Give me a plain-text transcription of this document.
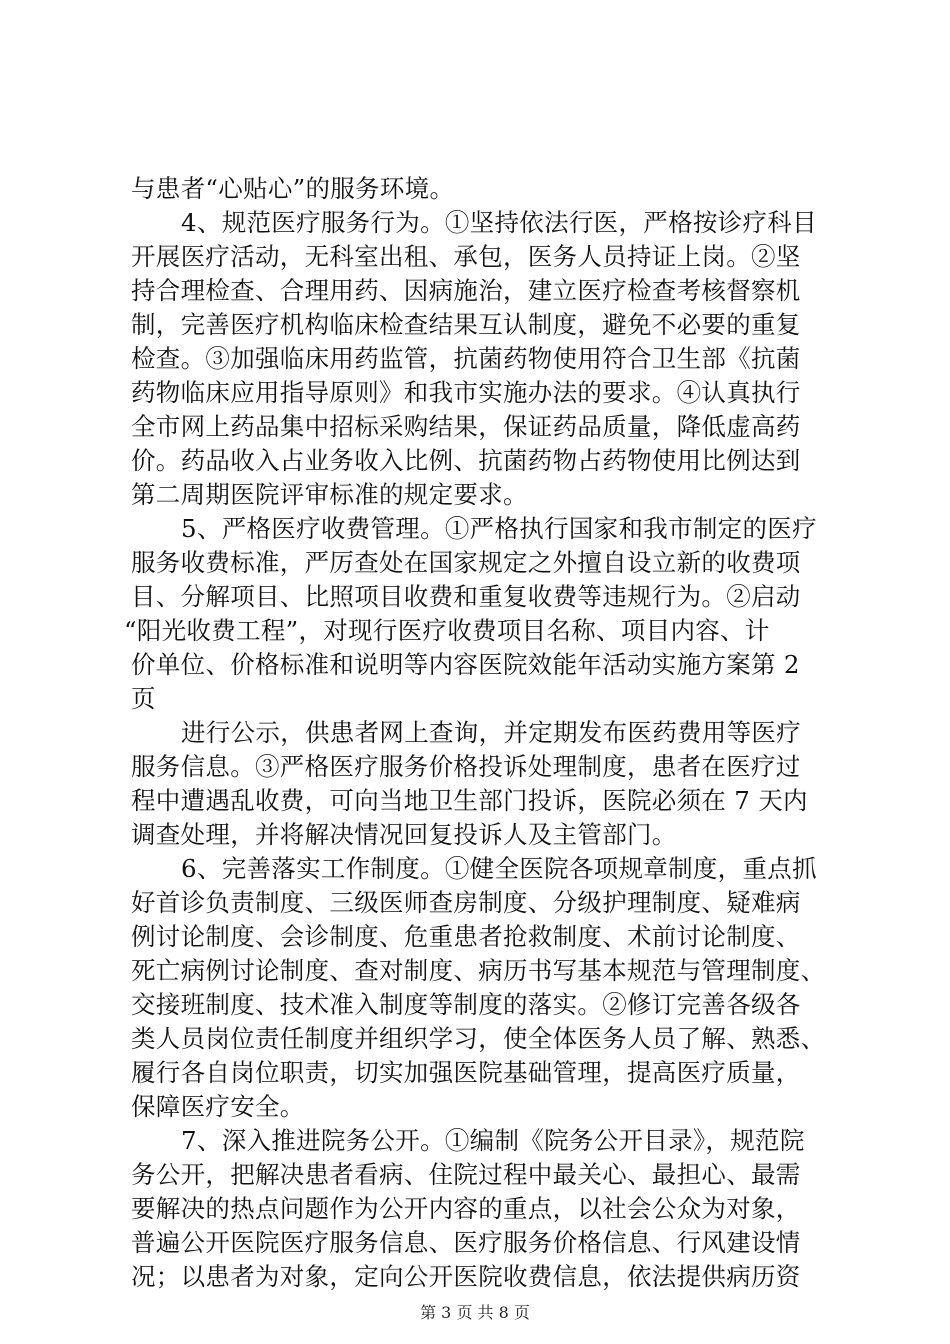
与患者“心贴心”的服务环境。
4、规范医疗服务行为。①坚持依法行医，严格按诊疗科目
开展医疗活动，无科室出租、承包，医务人员持证上岗。②坚
持合理检查、合理用药、因病施治，建立医疗检查考核督察机
制，完善医疗机构临床检查结果互认制度，避免不必要的重复
检查。③加强临床用药监管，抗菌药物使用符合卫生部《抗菌
药物临床应用指导原则》和我市实施办法的要求。④认真执行
全市网上药品集中招标采购结果，保证药品质量，降低虚高药
价。药品收入占业务收入比例、抗菌药物占药物使用比例达到
第二周期医院评审标准的规定要求。
5、严格医疗收费管理。①严格执行国家和我市制定的医疗
服务收费标准，严厉查处在国家规定之外擅自设立新的收费项
目、分解项目、比照项目收费和重复收费等违规行为。②启动
“阳光收费工程”，对现行医疗收费项目名称、项目内容、计
价单位、价格标准和说明等内容医院效能年活动实施方案第 2
页
进行公示，供患者网上查询，并定期发布医药费用等医疗
服务信息。③严格医疗服务价格投诉处理制度，患者在医疗过
程中遭遇乱收费，可向当地卫生部门投诉，医院必须在 7 天内
调查处理，并将解决情况回复投诉人及主管部门。
6、完善落实工作制度。①健全医院各项规章制度，重点抓
好首诊负责制度、三级医师查房制度、分级护理制度、疑难病
例讨论制度、会诊制度、危重患者抢救制度、术前讨论制度、
死亡病例讨论制度、查对制度、病历书写基本规范与管理制度、
交接班制度、技术准入制度等制度的落实。②修订完善各级各
类人员岗位责任制度并组织学习，使全体医务人员了解、熟悉、
履行各自岗位职责，切实加强医院基础管理，提高医疗质量，
保障医疗安全。
7、深入推进院务公开。①编制《院务公开目录》，规范院
务公开，把解决患者看病、住院过程中最关心、最担心、最需
要解决的热点问题作为公开内容的重点，以社会公众为对象，
普遍公开医院医疗服务信息、医疗服务价格信息、行风建设情
况；以患者为对象，定向公开医院收费信息，依法提供病历资
第 3 页 共 8 页
